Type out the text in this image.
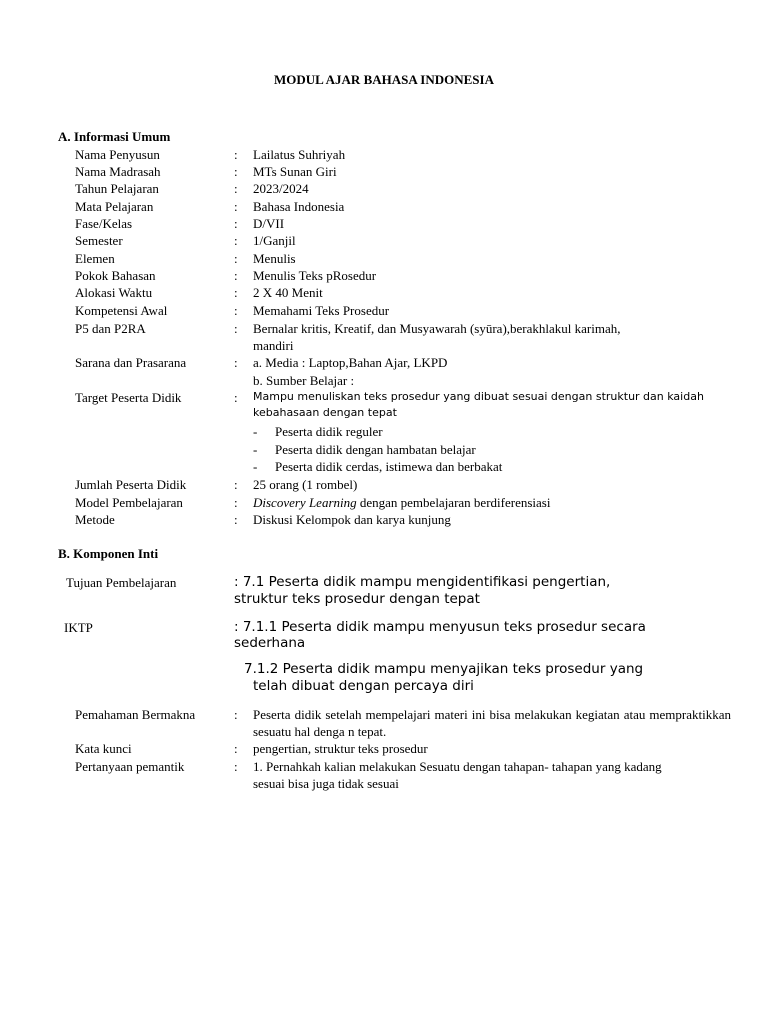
MODUL AJAR BAHASA INDONESIA
A. Informasi Umum
Nama Penyusun	: Lailatus Suhriyah
Nama Madrasah	: MTs Sunan Giri
Tahun Pelajaran	: 2023/2024
Mata Pelajaran	: Bahasa Indonesia
Fase/Kelas	: D/VII
Semester	: 1/Ganjil
Elemen	: Menulis
Pokok Bahasan	: Menulis Teks pRosedur
Alokasi Waktu	: 2 X 40 Menit
Kompetensi Awal	: Memahami Teks Prosedur
P5 dan P2RA	: Bernalar kritis, Kreatif, dan Musyawarah (syūra),berakhlakul karimah,
mandiri
Sarana dan Prasarana	: a. Media : Laptop,Bahan Ajar, LKPD
b. Sumber Belajar :
Target Peserta Didik	: Mampu menuliskan teks prosedur yang dibuat sesuai dengan struktur dan kaidah
kebahasaan dengan tepat
- Peserta didik reguler
- Peserta didik dengan hambatan belajar
- Peserta didik cerdas, istimewa dan berbakat
Jumlah Peserta Didik	: 25 orang (1 rombel)
Model Pembelajaran	: Discovery Learning dengan pembelajaran berdiferensiasi
Metode	: Diskusi Kelompok dan karya kunjung
B. Komponen Inti
Tujuan Pembelajaran	: 7.1 Peserta didik mampu mengidentifikasi pengertian,
struktur teks prosedur dengan tepat
IKTP	: 7.1.1 Peserta didik mampu menyusun teks prosedur secara
sederhana
7.1.2 Peserta didik mampu menyajikan teks prosedur yang
telah dibuat dengan percaya diri
Pemahaman Bermakna	: Peserta didik setelah mempelajari materi ini bisa melakukan kegiatan atau mempraktikkan sesuatu hal denga n tepat.
Kata kunci	: pengertian, struktur teks prosedur
Pertanyaan pemantik	: 1. Pernahkah kalian melakukan Sesuatu dengan tahapan- tahapan yang kadang
sesuai bisa juga tidak sesuai
